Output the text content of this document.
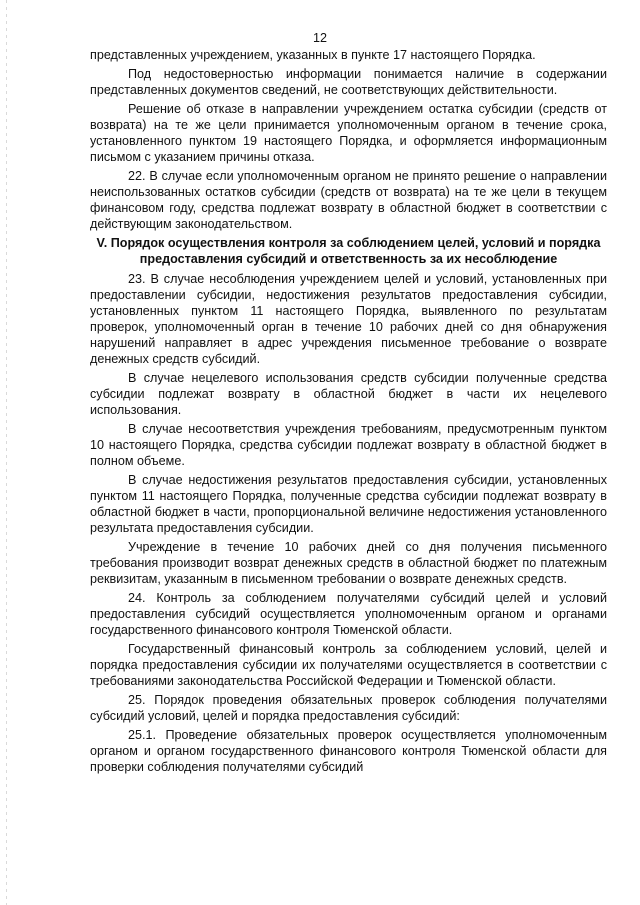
12

представленных учреждением, указанных в пункте 17 настоящего Порядка.

Под недостоверностью информации понимается наличие в содержании представленных документов сведений, не соответствующих действительности.

Решение об отказе в направлении учреждением остатка субсидии (средств от возврата) на те же цели принимается уполномоченным органом в течение срока, установленного пунктом 19 настоящего Порядка, и оформляется информационным письмом с указанием причины отказа.

22. В случае если уполномоченным органом не принято решение о направлении неиспользованных остатков субсидии (средств от возврата) на те же цели в текущем финансовом году, средства подлежат возврату в областной бюджет в соответствии с действующим законодательством.

V. Порядок осуществления контроля за соблюдением целей, условий и порядка предоставления субсидий и ответственность за их несоблюдение

23. В случае несоблюдения учреждением целей и условий, установленных при предоставлении субсидии, недостижения результатов предоставления субсидии, установленных пунктом 11 настоящего Порядка, выявленного по результатам проверок, уполномоченный орган в течение 10 рабочих дней со дня обнаружения нарушений направляет в адрес учреждения письменное требование о возврате денежных средств субсидий.

В случае нецелевого использования средств субсидии полученные средства субсидии подлежат возврату в областной бюджет в части их нецелевого использования.

В случае несоответствия учреждения требованиям, предусмотренным пунктом 10 настоящего Порядка, средства субсидии подлежат возврату в областной бюджет в полном объеме.

В случае недостижения результатов предоставления субсидии, установленных пунктом 11 настоящего Порядка, полученные средства субсидии подлежат возврату в областной бюджет в части, пропорциональной величине недостижения установленного результата предоставления субсидии.

Учреждение в течение 10 рабочих дней со дня получения письменного требования производит возврат денежных средств в областной бюджет по платежным реквизитам, указанным в письменном требовании о возврате денежных средств.

24. Контроль за соблюдением получателями субсидий целей и условий предоставления субсидий осуществляется уполномоченным органом и органами государственного финансового контроля Тюменской области.

Государственный финансовый контроль за соблюдением условий, целей и порядка предоставления субсидии их получателями осуществляется в соответствии с требованиями законодательства Российской Федерации и Тюменской области.

25. Порядок проведения обязательных проверок соблюдения получателями субсидий условий, целей и порядка предоставления субсидий:

25.1. Проведение обязательных проверок осуществляется уполномоченным органом и органом государственного финансового контроля Тюменской области для проверки соблюдения получателями субсидий
